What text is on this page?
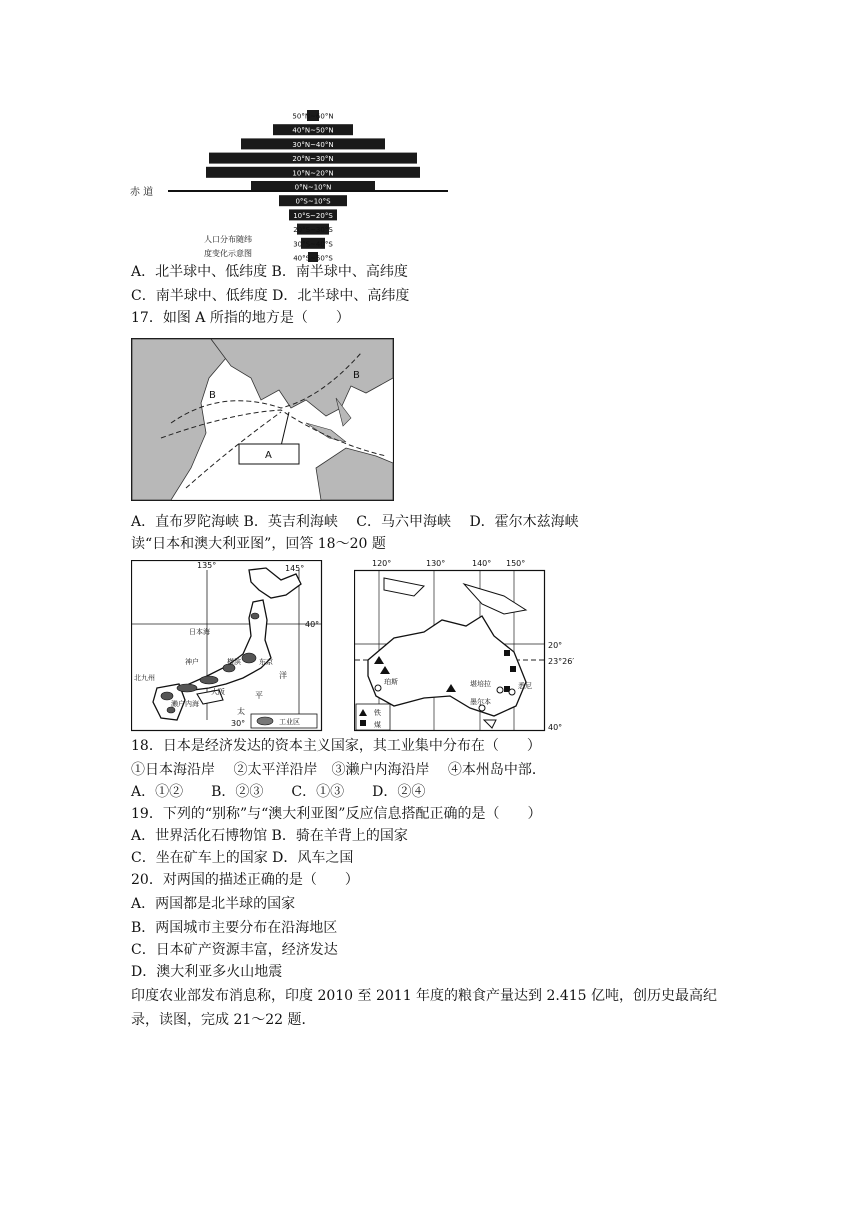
50°N~60°N
40°N~50°N
30°N~40°N
20°N~30°N
10°N~20°N
0°N~10°N
0°S~10°S
10°S~20°S
20°S~30°S
30°S~40°S
40°S~50°S
赤 道
人口分布随纬
度变化示意图
A．北半球中、低纬度 B．南半球中、高纬度
C．南半球中、低纬度 D．北半球中、高纬度
17．如图 A 所指的地方是（　　）
A
B
B
A．直布罗陀海峡 B．英吉利海峡　 C．马六甲海峡　 D．霍尔木兹海峡
读“日本和澳大利亚图”，回答 18～20 题
135°	145°
40°
30°
日本海
神户	横滨	东京
北九州
大阪
濑户内海
洋
平
太
工业区
120°	130°	140° 150°
20°
23°26′
40°
珀斯	堪培拉	悉尼
墨尔本
铁
煤
18．日本是经济发达的资本主义国家，其工业集中分布在（　　）
①日本海沿岸　 ②太平洋沿岸　③濑户内海沿岸　 ④本州岛中部．
A．①②　　B．②③　　C．①③　　D．②④
19．下列的“别称”与“澳大利亚图”反应信息搭配正确的是（　　）
A．世界活化石博物馆 B．骑在羊背上的国家
C．坐在矿车上的国家 D．风车之国
20．对两国的描述正确的是（　　）
A．两国都是北半球的国家
B．两国城市主要分布在沿海地区
C．日本矿产资源丰富，经济发达
D．澳大利亚多火山地震
印度农业部发布消息称，印度 2010 至 2011 年度的粮食产量达到 2.415 亿吨，创历史最高纪
录，读图，完成 21～22 题．
